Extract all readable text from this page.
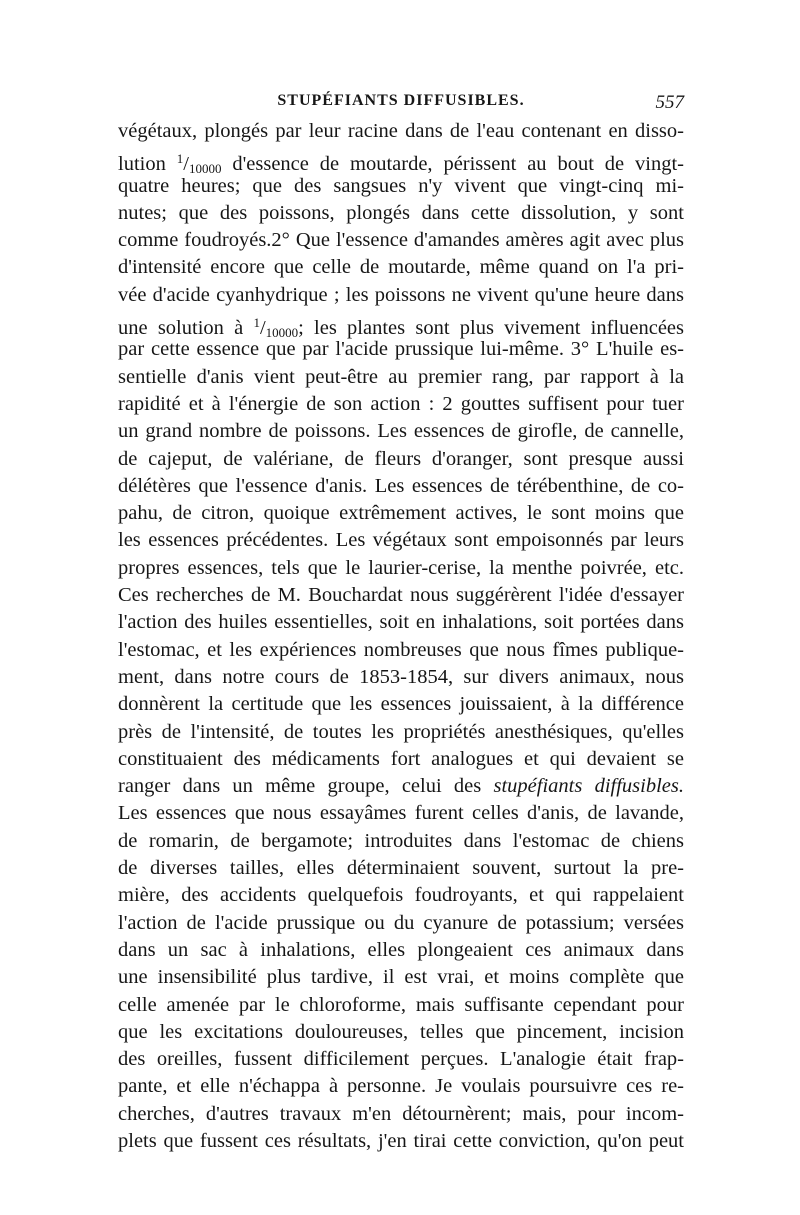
STUPÉFIANTS DIFFUSIBLES.	557
végétaux, plongés par leur racine dans de l'eau contenant en disso-
lution $^1/_{10000}$ d'essence de moutarde, périssent au bout de vingt-
quatre heures; que des sangsues n'y vivent que vingt-cinq mi-
nutes; que des poissons, plongés dans cette dissolution, y sont
comme foudroyés.2° Que l'essence d'amandes amères agit avec plus
d'intensité encore que celle de moutarde, même quand on l'a pri-
vée d'acide cyanhydrique ; les poissons ne vivent qu'une heure dans
une solution à $^1/_{10000}$; les plantes sont plus vivement influencées
par cette essence que par l'acide prussique lui-même. 3° L'huile es-
sentielle d'anis vient peut-être au premier rang, par rapport à la
rapidité et à l'énergie de son action : 2 gouttes suffisent pour tuer
un grand nombre de poissons. Les essences de girofle, de cannelle,
de cajeput, de valériane, de fleurs d'oranger, sont presque aussi
délétères que l'essence d'anis. Les essences de térébenthine, de co-
pahu, de citron, quoique extrêmement actives, le sont moins que
les essences précédentes. Les végétaux sont empoisonnés par leurs
propres essences, tels que le laurier-cerise, la menthe poivrée, etc.
Ces recherches de M. Bouchardat nous suggérèrent l'idée d'essayer
l'action des huiles essentielles, soit en inhalations, soit portées dans
l'estomac, et les expériences nombreuses que nous fîmes publique-
ment, dans notre cours de 1853-1854, sur divers animaux, nous
donnèrent la certitude que les essences jouissaient, à la différence
près de l'intensité, de toutes les propriétés anesthésiques, qu'elles
constituaient des médicaments fort analogues et qui devaient se
ranger dans un même groupe, celui des stupéfiants diffusibles.
Les essences que nous essayâmes furent celles d'anis, de lavande,
de romarin, de bergamote; introduites dans l'estomac de chiens
de diverses tailles, elles déterminaient souvent, surtout la pre-
mière, des accidents quelquefois foudroyants, et qui rappelaient
l'action de l'acide prussique ou du cyanure de potassium; versées
dans un sac à inhalations, elles plongeaient ces animaux dans
une insensibilité plus tardive, il est vrai, et moins complète que
celle amenée par le chloroforme, mais suffisante cependant pour
que les excitations douloureuses, telles que pincement, incision
des oreilles, fussent difficilement perçues. L'analogie était frap-
pante, et elle n'échappa à personne. Je voulais poursuivre ces re-
cherches, d'autres travaux m'en détournèrent; mais, pour incom-
plets que fussent ces résultats, j'en tirai cette conviction, qu'on peut
